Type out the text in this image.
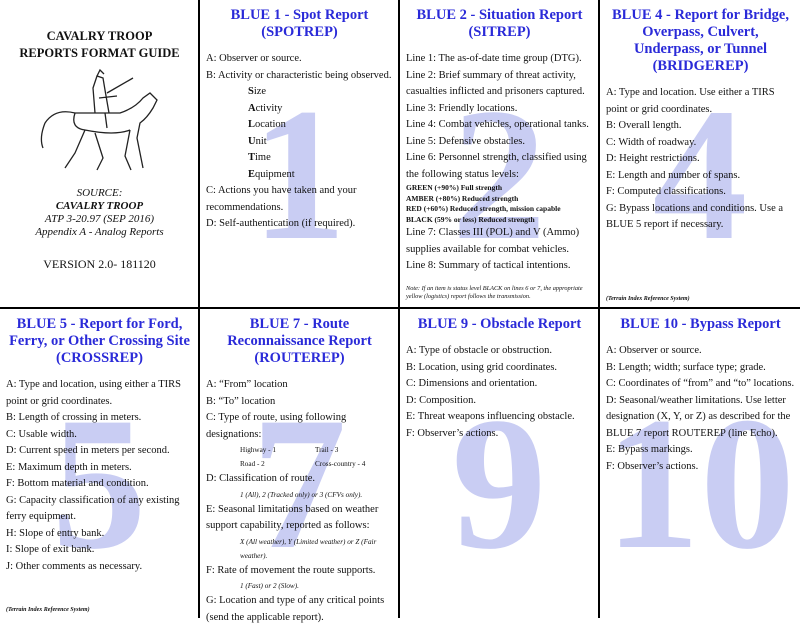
CAVALRY TROOP
REPORTS FORMAT GUIDE
SOURCE:
CAVALRY TROOP
ATP 3-20.97 (SEP 2016)
Appendix A - Analog Reports
VERSION 2.0- 181120
1
BLUE 1 - Spot Report (SPOTREP)
A: Observer or source.
B: Activity or characteristic being observed.
Size
Activity
Location
Unit
Time
Equipment
C: Actions you have taken and your recommendations.
D: Self-authentication (if required).
2
BLUE 2 - Situation Report (SITREP)
Line 1: The as-of-date time group (DTG).
Line 2: Brief summary of threat activity, casualties inflicted and prisoners captured.
Line 3: Friendly locations.
Line 4: Combat vehicles, operational tanks.
Line 5: Defensive obstacles.
Line 6: Personnel strength, classified using the following status levels:
GREEN (+90%) Full strength
AMBER (+80%) Reduced strength
RED (+60%) Reduced strength, mission capable
BLACK (59% or less) Reduced strength
Line 7: Classes III (POL) and V (Ammo) supplies available for combat vehicles.
Line 8: Summary of tactical intentions.
Note: If an item is status level BLACK on lines 6 or 7, the appropriate yellow (logistics) report follows the transmission.
4
BLUE 4 - Report for Bridge, Overpass, Culvert, Underpass, or Tunnel (BRIDGEREP)
A: Type and location. Use either a TIRS point or grid coordinates.
B: Overall length.
C: Width of roadway.
D: Height restrictions.
E: Length and number of spans.
F: Computed classifications.
G: Bypass locations and conditions. Use a BLUE 5 report if necessary.
(Terrain Index Reference System)
5
BLUE 5 - Report for Ford, Ferry, or Other Crossing Site (CROSSREP)
A: Type and location, using either a TIRS point or grid coordinates.
B: Length of crossing in meters.
C: Usable width.
D: Current speed in meters per second.
E: Maximum depth in meters.
F: Bottom material and condition.
G: Capacity classification of any existing ferry equipment.
H: Slope of entry bank.
I: Slope of exit bank.
J: Other comments as necessary.
(Terrain Index Reference System)
7
BLUE 7 - Route Reconnaissance Report (ROUTEREP)
A: “From” location
B: “To” location
C: Type of route, using following designations:
Highway - 1	Trail - 3
Road - 2	Cross-country - 4
D: Classification of route.
1 (All), 2 (Tracked only) or 3 (CFVs only).
E: Seasonal limitations based on weather support capability, reported as follows:
X (All weather), Y (Limited weather) or Z (Fair weather).
F: Rate of movement the route supports.
1 (Fast) or 2 (Slow).
G: Location and type of any critical points (send the applicable report).
9
BLUE 9 - Obstacle Report
A: Type of obstacle or obstruction.
B: Location, using grid coordinates.
C: Dimensions and orientation.
D: Composition.
E: Threat weapons influencing obstacle.
F: Observer’s actions.
10
BLUE 10 - Bypass Report
A: Observer or source.
B: Length; width; surface type; grade.
C: Coordinates of “from” and “to” locations.
D: Seasonal/weather limitations. Use letter designation (X, Y, or Z) as described for the BLUE 7 report ROUTEREP (line Echo).
E: Bypass markings.
F: Observer’s actions.
